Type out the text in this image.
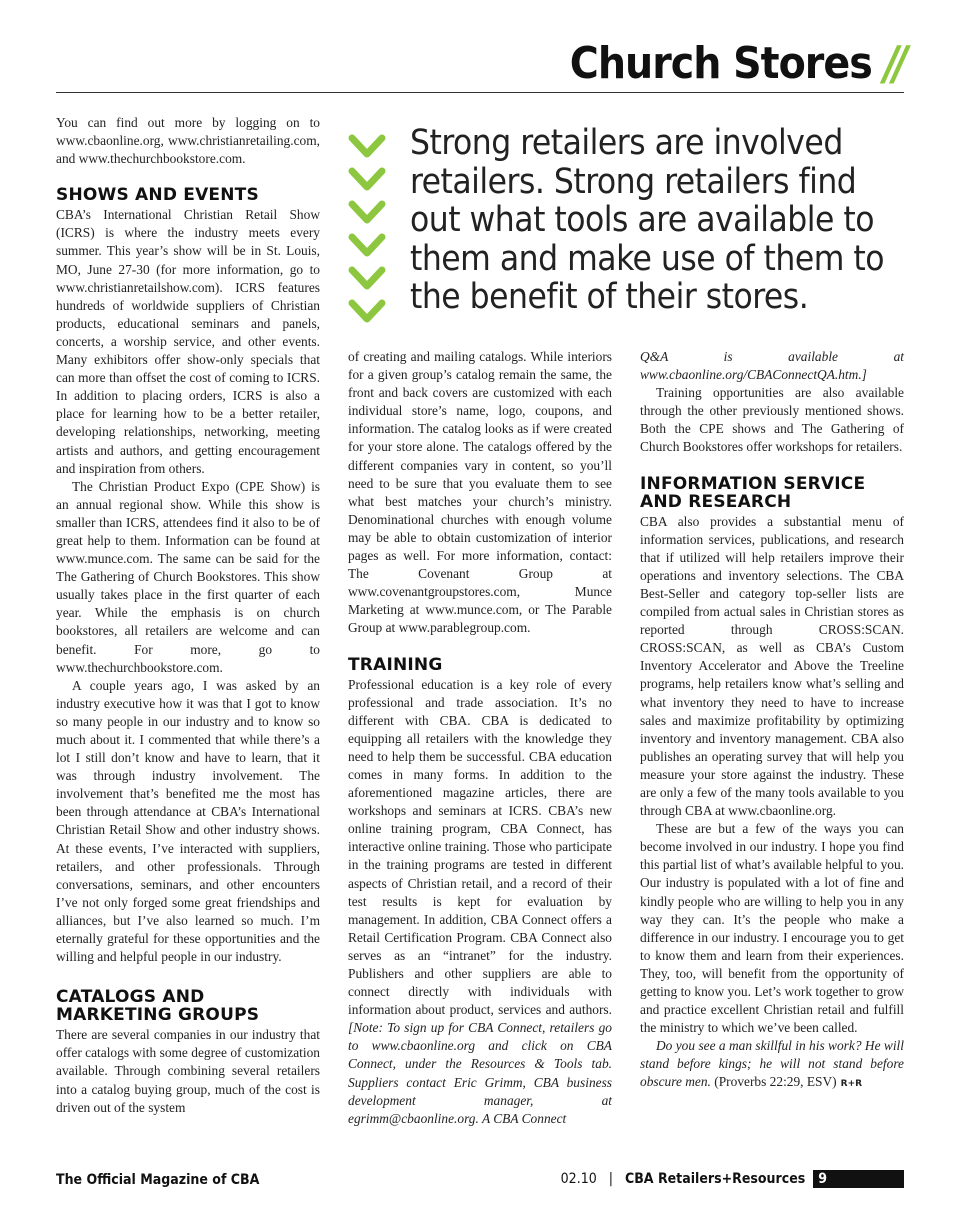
Church Stores //

You can find out more by logging on to www.cbaonline.org, www.christianretailing.com, and www.thechurchbookstore.com.

SHOWS AND EVENTS

CBA’s International Christian Retail Show (ICRS) is where the industry meets every summer. This year’s show will be in St. Louis, MO, June 27-30 (for more information, go to www.christianretailshow.com). ICRS features hundreds of worldwide suppliers of Christian products, educational seminars and panels, concerts, a worship service, and other events. Many exhibitors offer show-only specials that can more than offset the cost of coming to ICRS. In addition to placing orders, ICRS is also a place for learning how to be a better retailer, developing relationships, networking, meeting artists and authors, and getting encouragement and inspiration from others.

The Christian Product Expo (CPE Show) is an annual regional show. While this show is smaller than ICRS, attendees find it also to be of great help to them. Information can be found at www.munce.com. The same can be said for the The Gathering of Church Bookstores. This show usually takes place in the first quarter of each year. While the emphasis is on church bookstores, all retailers are welcome and can benefit. For more, go to www.thechurchbookstore.com.

A couple years ago, I was asked by an industry executive how it was that I got to know so many people in our industry and to know so much about it. I commented that while there’s a lot I still don’t know and have to learn, that it was through industry involvement. The involvement that’s benefited me the most has been through attendance at CBA’s International Christian Retail Show and other industry shows. At these events, I’ve interacted with suppliers, retailers, and other professionals. Through conversations, seminars, and other encounters I’ve not only forged some great friendships and alliances, but I’ve also learned so much. I’m eternally grateful for these opportunities and the willing and helpful people in our industry.

CATALOGS AND MARKETING GROUPS

There are several companies in our industry that offer catalogs with some degree of customization available. Through combining several retailers into a catalog buying group, much of the cost is driven out of the system

Strong retailers are involved retailers. Strong retailers find out what tools are available to them and make use of them to the benefit of their stores.

of creating and mailing catalogs. While interiors for a given group’s catalog remain the same, the front and back covers are customized with each individual store’s name, logo, coupons, and information. The catalog looks as if were created for your store alone. The catalogs offered by the different companies vary in content, so you’ll need to be sure that you evaluate them to see what best matches your church’s ministry. Denominational churches with enough volume may be able to obtain customization of interior pages as well. For more information, contact: The Covenant Group at www.covenantgroupstores.com, Munce Marketing at www.munce.com, or The Parable Group at www.parablegroup.com.

TRAINING

Professional education is a key role of every professional and trade association. It’s no different with CBA. CBA is dedicated to equipping all retailers with the knowledge they need to help them be successful. CBA education comes in many forms. In addition to the aforementioned magazine articles, there are workshops and seminars at ICRS. CBA’s new online training program, CBA Connect, has interactive online training. Those who participate in the training programs are tested in different aspects of Christian retail, and a record of their test results is kept for evaluation by management. In addition, CBA Connect offers a Retail Certification Program. CBA Connect also serves as an “intranet” for the industry. Publishers and other suppliers are able to connect directly with individuals with information about product, services and authors. [Note: To sign up for CBA Connect, retailers go to www.cbaonline.org and click on CBA Connect, under the Resources & Tools tab. Suppliers contact Eric Grimm, CBA business development manager, at egrimm@cbaonline.org. A CBA Connect

Q&A is available at www.cbaonline.org/CBAConnectQA.htm.]

Training opportunities are also available through the other previously mentioned shows. Both the CPE shows and The Gathering of Church Bookstores offer workshops for retailers.

INFORMATION SERVICE AND RESEARCH

CBA also provides a substantial menu of information services, publications, and research that if utilized will help retailers improve their operations and inventory selections. The CBA Best-Seller and category top-seller lists are compiled from actual sales in Christian stores as reported through CROSS:SCAN. CROSS:SCAN, as well as CBA’s Custom Inventory Accelerator and Above the Treeline programs, help retailers know what’s selling and what inventory they need to have to increase sales and maximize profitability by optimizing inventory and inventory management. CBA also publishes an operating survey that will help you measure your store against the industry. These are only a few of the many tools available to you through CBA at www.cbaonline.org.

These are but a few of the ways you can become involved in our industry. I hope you find this partial list of what’s available helpful to you. Our industry is populated with a lot of fine and kindly people who are willing to help you in any way they can. It’s the people who make a difference in our industry. I encourage you to get to know them and learn from their experiences. They, too, will benefit from the opportunity of getting to know you. Let’s work together to grow and practice excellent Christian retail and fulfill the ministry to which we’ve been called.

Do you see a man skillful in his work? He will stand before kings; he will not stand before obscure men. (Proverbs 22:29, ESV) R+R

The Official Magazine of CBA	02.10 | CBA Retailers+Resources 9
